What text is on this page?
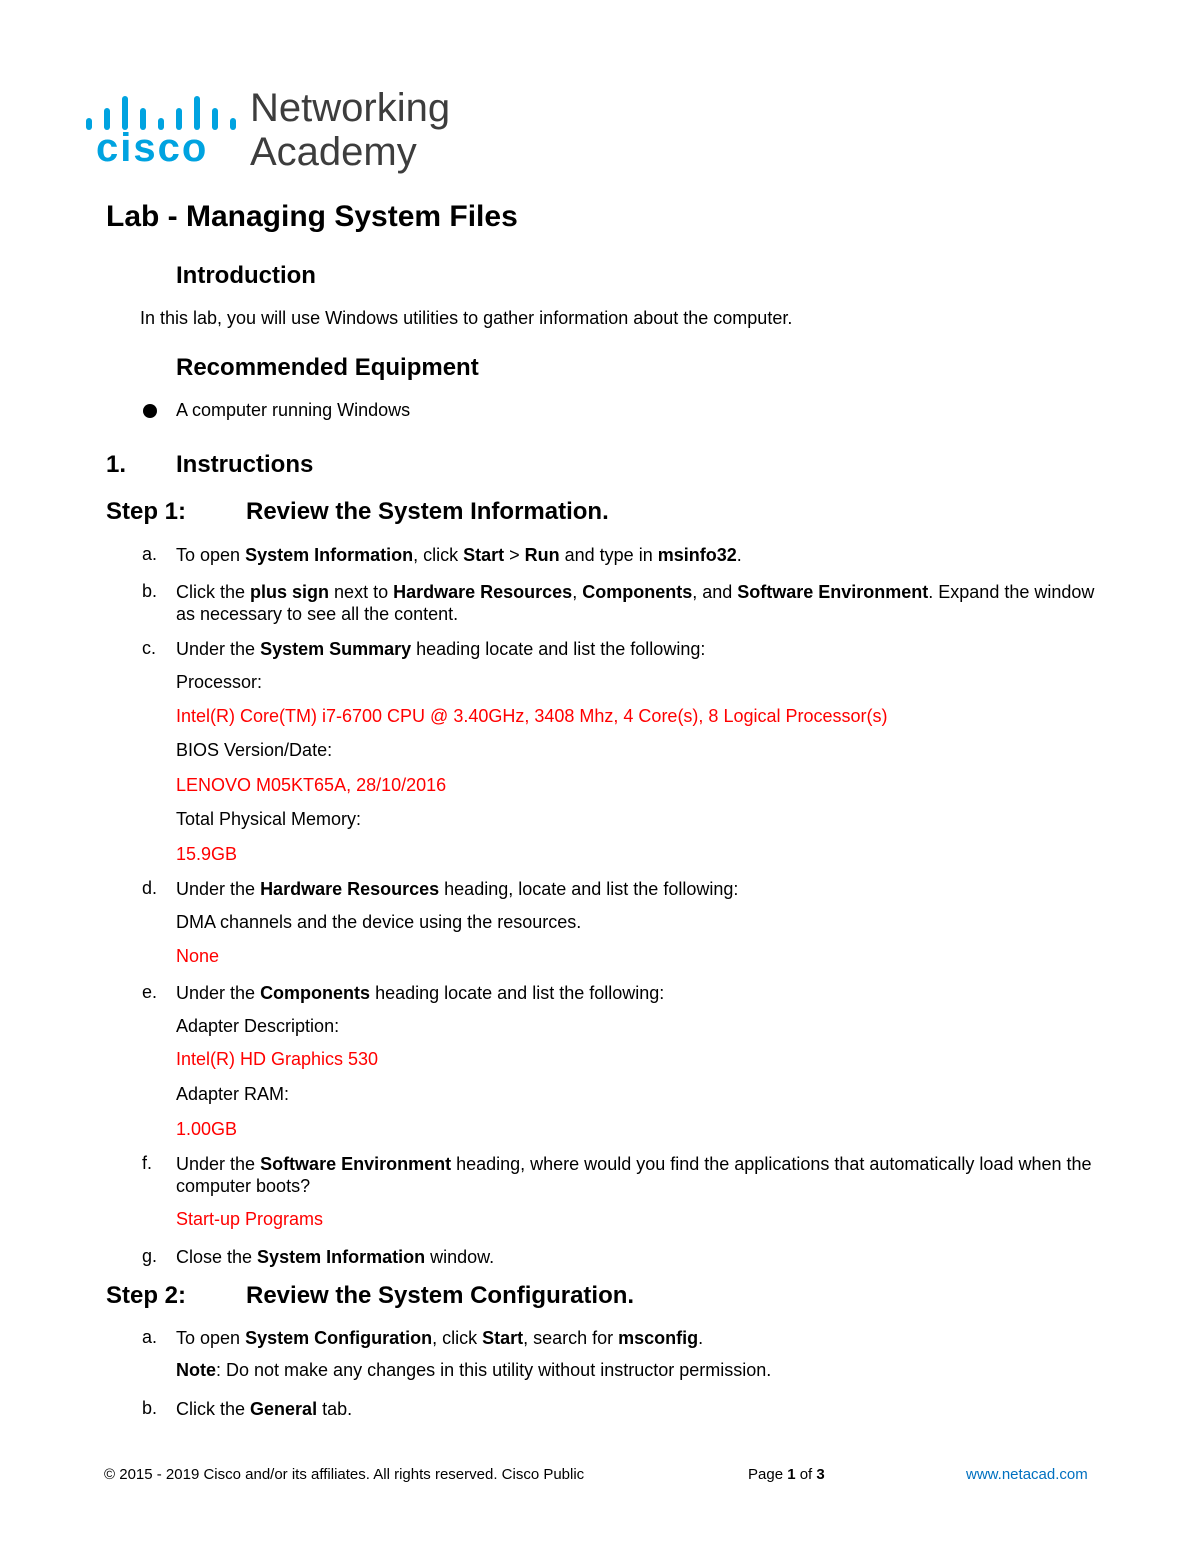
cisco
Networking
Academy
Lab - Managing System Files
Introduction
In this lab, you will use Windows utilities to gather information about the computer.
Recommended Equipment
A computer running Windows
1. Instructions
Step 1: Review the System Information.
a. To open System Information, click Start > Run and type in msinfo32.
b. Click the plus sign next to Hardware Resources, Components, and Software Environment. Expand the window as necessary to see all the content.
c.	Under the System Summary heading locate and list the following:
Processor:
Intel(R) Core(TM) i7-6700 CPU @ 3.40GHz, 3408 Mhz, 4 Core(s), 8 Logical Processor(s)
BIOS Version/Date:
LENOVO M05KT65A, 28/10/2016
Total Physical Memory:
15.9GB
d. Under the Hardware Resources heading, locate and list the following:
DMA channels and the device using the resources.
None
e. Under the Components heading locate and list the following:
Adapter Description:
Intel(R) HD Graphics 530
Adapter RAM:
1.00GB
f.	Under the Software Environment heading, where would you find the applications that automatically load when the computer boots?
Start-up Programs
g. Close the System Information window.
Step 2: Review the System Configuration.
a. To open System Configuration, click Start, search for msconfig.
Note: Do not make any changes in this utility without instructor permission.
b. Click the General tab.
© 2015 - 2019 Cisco and/or its affiliates. All rights reserved. Cisco Public	Page 1 of 3	www.netacad.com
